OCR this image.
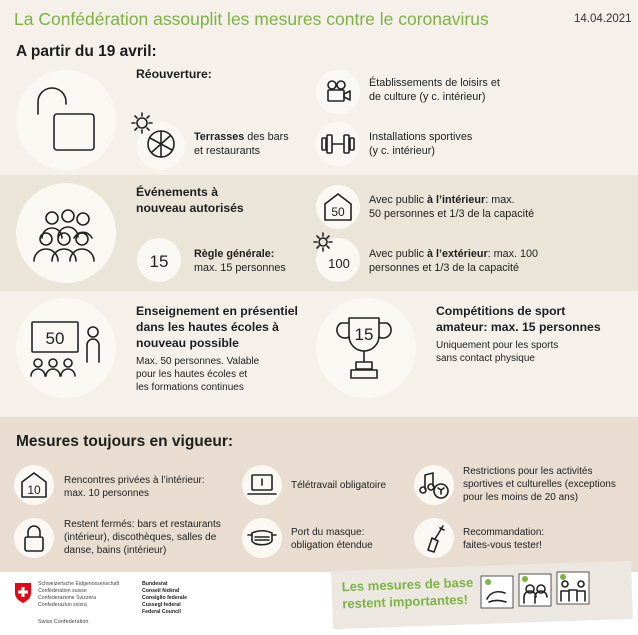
La Confédération assouplit les mesures contre le coronavirus	14.04.2021
A partir du 19 avril:
Terrasses des bars
et restaurants
Réouverture:
Établissements de loisirs et
de culture (y c. intérieur)
Installations sportives
(y c. intérieur)
Événements à
nouveau autorisés
15 Règle générale:
max. 15 personnes
50
Avec public à l’intérieur: max.
50 personnes et 1/3 de la capacité
100
Avec public à l’extérieur: max. 100
personnes et 1/3 de la capacité
50
Enseignement en présentiel
dans les hautes écoles à
nouveau possible
Max. 50 personnes. Valable
pour les hautes écoles et
les formations continues
15
Compétitions de sport
amateur: max. 15 personnes
Uniquement pour les sports
sans contact physique
Mesures toujours en vigueur:
10
Rencontres privées à l’intérieur:
max. 10 personnes
Télétravail obligatoire
Restrictions pour les activités
sportives et culturelles (exceptions
pour les moins de 20 ans)
Restent fermés: bars et restaurants
(intérieur), discothèques, salles de
danse, bains (intérieur)
Port du masque:
obligation étendue
Recommandation:
faites-vous tester!
Schweizerische Eidgenossenschaft
Confédération suisse
Confederazione Svizzera
Confederaziun svizra
Swiss Confederation
Bundesrat
Conseil fédéral
Consiglio federale
Cussegl federal
Federal Council
Les mesures de base
restent importantes!
